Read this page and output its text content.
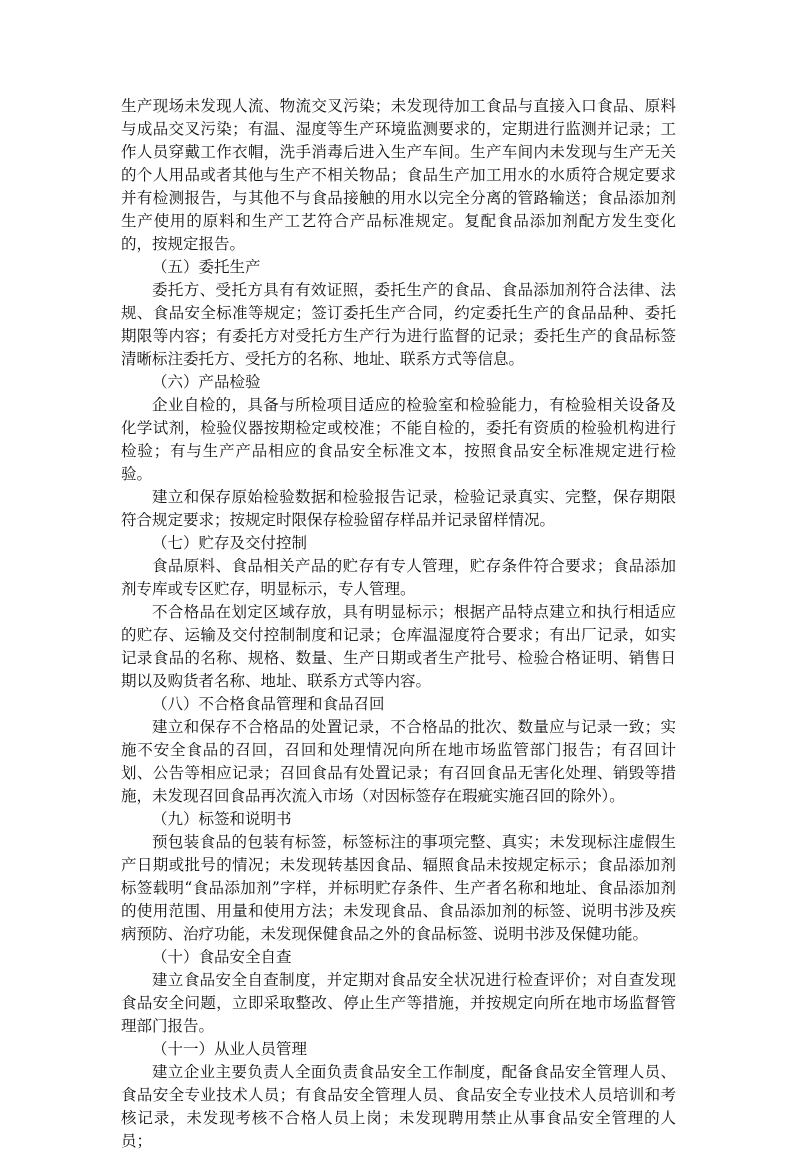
生产现场未发现人流、物流交叉污染；未发现待加工食品与直接入口食品、原料与成品交叉污染；有温、湿度等生产环境监测要求的，定期进行监测并记录；工作人员穿戴工作衣帽，洗手消毒后进入生产车间。生产车间内未发现与生产无关的个人用品或者其他与生产不相关物品；食品生产加工用水的水质符合规定要求并有检测报告，与其他不与食品接触的用水以完全分离的管路输送；食品添加剂生产使用的原料和生产工艺符合产品标准规定。复配食品添加剂配方发生变化的，按规定报告。

（五）委托生产

委托方、受托方具有有效证照，委托生产的食品、食品添加剂符合法律、法规、食品安全标准等规定；签订委托生产合同，约定委托生产的食品品种、委托期限等内容；有委托方对受托方生产行为进行监督的记录；委托生产的食品标签清晰标注委托方、受托方的名称、地址、联系方式等信息。

（六）产品检验

企业自检的，具备与所检项目适应的检验室和检验能力，有检验相关设备及化学试剂，检验仪器按期检定或校准；不能自检的，委托有资质的检验机构进行检验；有与生产产品相应的食品安全标准文本，按照食品安全标准规定进行检验。

建立和保存原始检验数据和检验报告记录，检验记录真实、完整，保存期限符合规定要求；按规定时限保存检验留存样品并记录留样情况。

（七）贮存及交付控制

食品原料、食品相关产品的贮存有专人管理，贮存条件符合要求；食品添加剂专库或专区贮存，明显标示，专人管理。

不合格品在划定区域存放，具有明显标示；根据产品特点建立和执行相适应的贮存、运输及交付控制制度和记录；仓库温湿度符合要求；有出厂记录，如实记录食品的名称、规格、数量、生产日期或者生产批号、检验合格证明、销售日期以及购货者名称、地址、联系方式等内容。

（八）不合格食品管理和食品召回

建立和保存不合格品的处置记录，不合格品的批次、数量应与记录一致；实施不安全食品的召回，召回和处理情况向所在地市场监管部门报告；有召回计划、公告等相应记录；召回食品有处置记录；有召回食品无害化处理、销毁等措施，未发现召回食品再次流入市场（对因标签存在瑕疵实施召回的除外）。

（九）标签和说明书

预包装食品的包装有标签，标签标注的事项完整、真实；未发现标注虚假生产日期或批号的情况；未发现转基因食品、辐照食品未按规定标示；食品添加剂标签载明“食品添加剂”字样，并标明贮存条件、生产者名称和地址、食品添加剂的使用范围、用量和使用方法；未发现食品、食品添加剂的标签、说明书涉及疾病预防、治疗功能，未发现保健食品之外的食品标签、说明书涉及保健功能。

（十）食品安全自查

建立食品安全自查制度，并定期对食品安全状况进行检查评价；对自查发现食品安全问题，立即采取整改、停止生产等措施，并按规定向所在地市场监督管理部门报告。

（十一）从业人员管理

建立企业主要负责人全面负责食品安全工作制度，配备食品安全管理人员、食品安全专业技术人员；有食品安全管理人员、食品安全专业技术人员培训和考核记录，未发现考核不合格人员上岗；未发现聘用禁止从事食品安全管理的人员；
